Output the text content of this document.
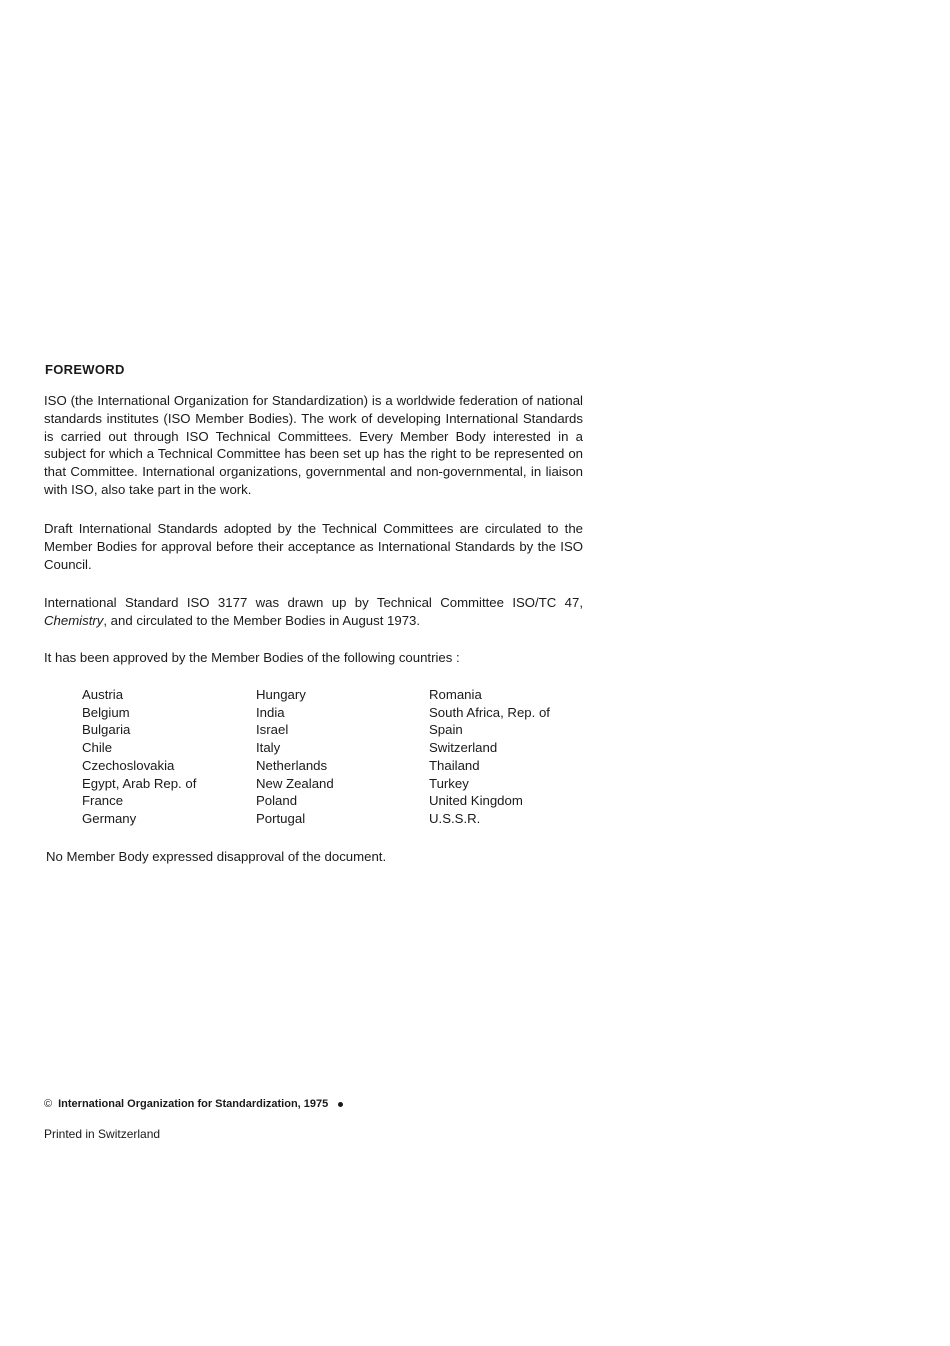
FOREWORD

ISO (the International Organization for Standardization) is a worldwide federation of national standards institutes (ISO Member Bodies). The work of developing International Standards is carried out through ISO Technical Committees. Every Member Body interested in a subject for which a Technical Committee has been set up has the right to be represented on that Committee. International organizations, governmental and non-governmental, in liaison with ISO, also take part in the work.

Draft International Standards adopted by the Technical Committees are circulated to the Member Bodies for approval before their acceptance as International Standards by the ISO Council.

International Standard ISO 3177 was drawn up by Technical Committee ISO/TC 47, Chemistry, and circulated to the Member Bodies in August 1973.

It has been approved by the Member Bodies of the following countries :

Austria
Belgium
Bulgaria
Chile
Czechoslovakia
Egypt, Arab Rep. of
France
Germany
Hungary
India
Israel
Italy
Netherlands
New Zealand
Poland
Portugal
Romania
South Africa, Rep. of
Spain
Switzerland
Thailand
Turkey
United Kingdom
U.S.S.R.

No Member Body expressed disapproval of the document.

© International Organization for Standardization, 1975
Printed in Switzerland
